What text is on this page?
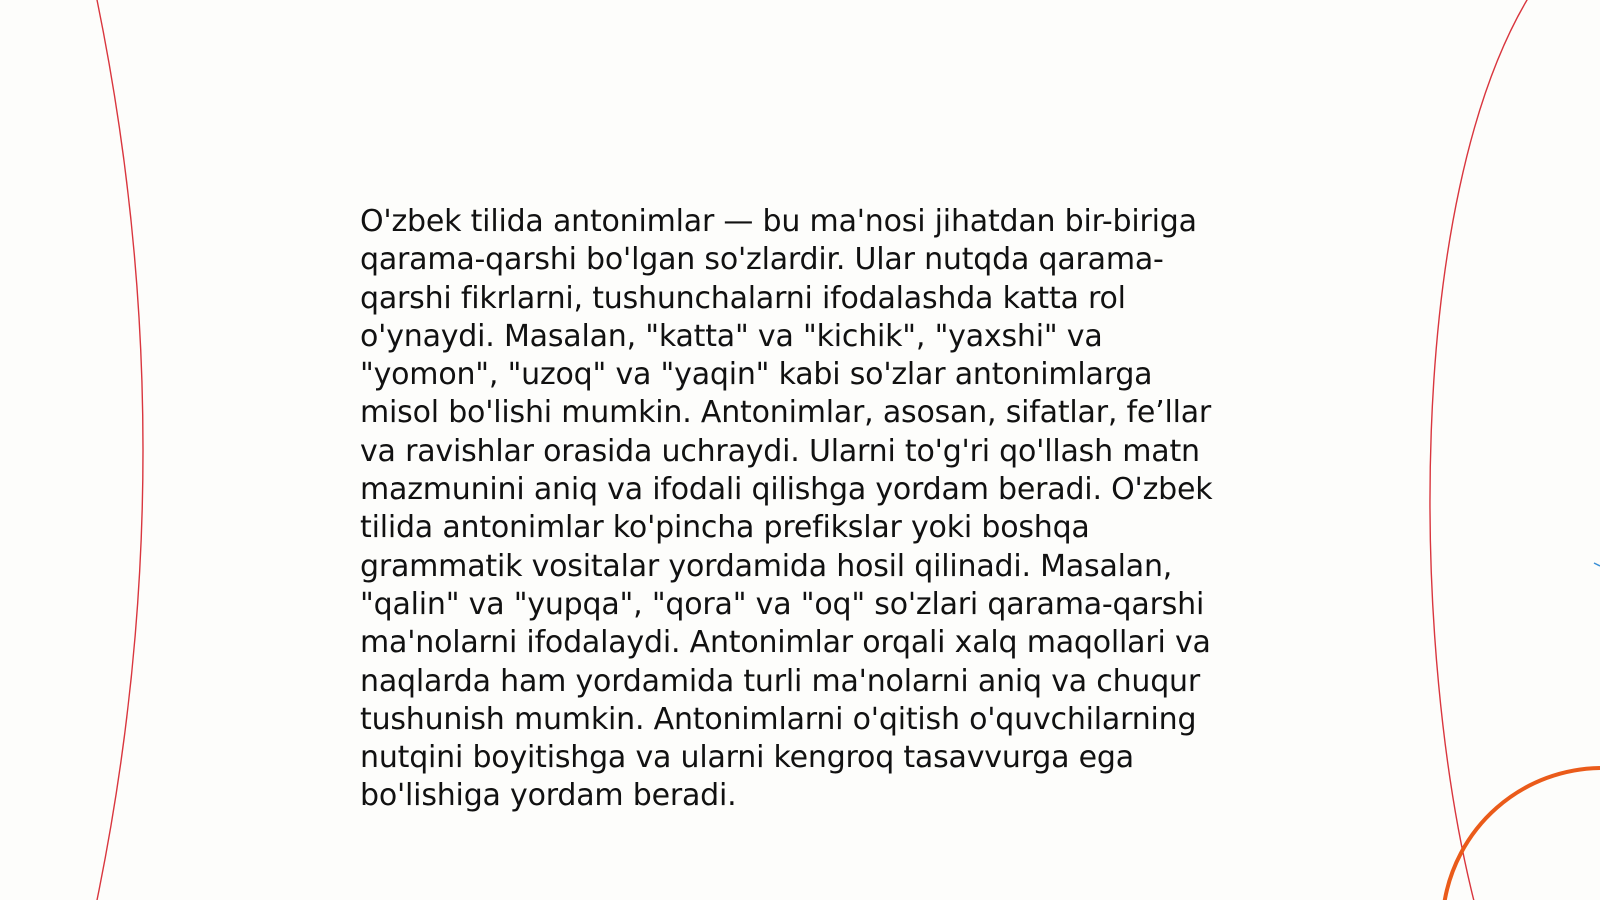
O'zbek tilida antonimlar — bu ma'nosi jihatdan bir-biriga qarama-qarshi bo'lgan so'zlardir. Ular nutqda qarama-qarshi fikrlarni, tushunchalarni ifodalashda katta rol o'ynaydi. Masalan, "katta" va "kichik", "yaxshi" va "yomon", "uzoq" va "yaqin" kabi so'zlar antonimlarga misol bo'lishi mumkin. Antonimlar, asosan, sifatlar, fe’llar va ravishlar orasida uchraydi. Ularni to'g'ri qo'llash matn mazmunini aniq va ifodali qilishga yordam beradi. O'zbek tilida antonimlar ko'pincha prefikslar yoki boshqa grammatik vositalar yordamida hosil qilinadi. Masalan, "qalin" va "yupqa", "qora" va "oq" so'zlari qarama-qarshi ma'nolarni ifodalaydi. Antonimlar orqali xalq maqollari va naqlarda ham yordamida turli ma'nolarni aniq va chuqur tushunish mumkin. Antonimlarni o'qitish o'quvchilarning nutqini boyitishga va ularni kengroq tasavvurga ega bo'lishiga yordam beradi.
